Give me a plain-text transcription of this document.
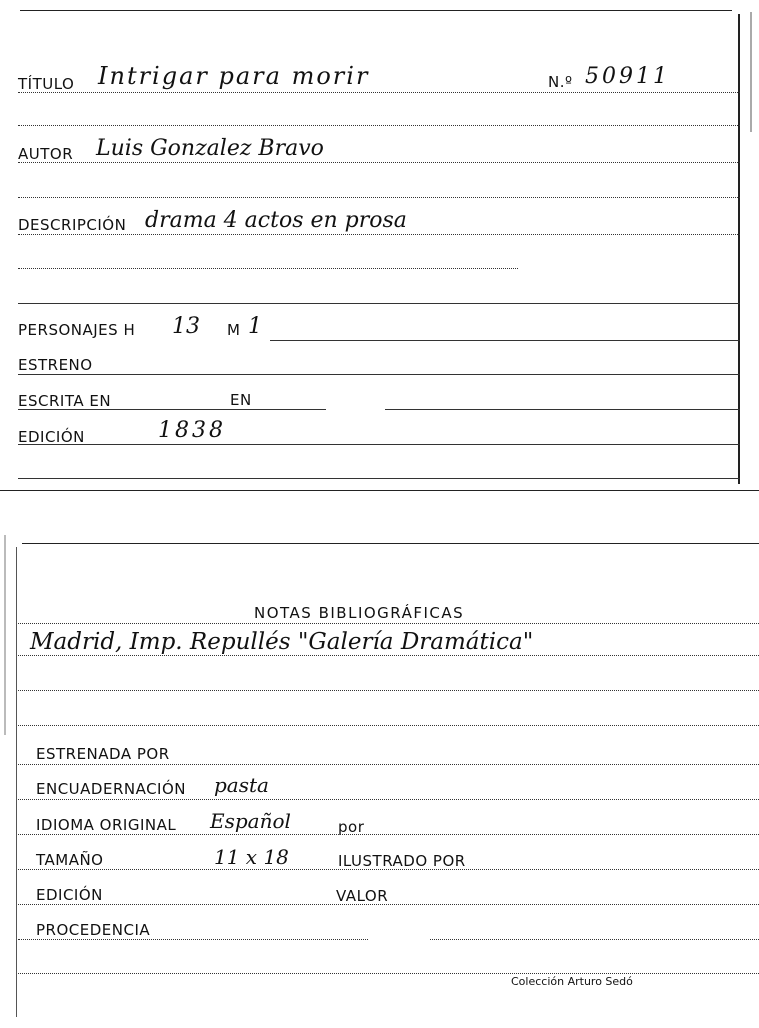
TÍTULO Intrigar para morir	N.º 50911
AUTOR Luis Gonzalez Bravo
DESCRIPCIÓN drama 4 actos en prosa
PERSONAJES H 13 M 1
ESTRENO
ESCRITA EN	EN
EDICIÓN	1838
NOTAS BIBLIOGRÁFICAS
Madrid, Imp. Repullés "Galería Dramática"
ESTRENADA POR
ENCUADERNACIÓN pasta
IDIOMA ORIGINAL Español	por
TAMAÑO	11 x 18	ILUSTRADO POR
EDICIÓN	VALOR
PROCEDENCIA
Colección Arturo Sedó
